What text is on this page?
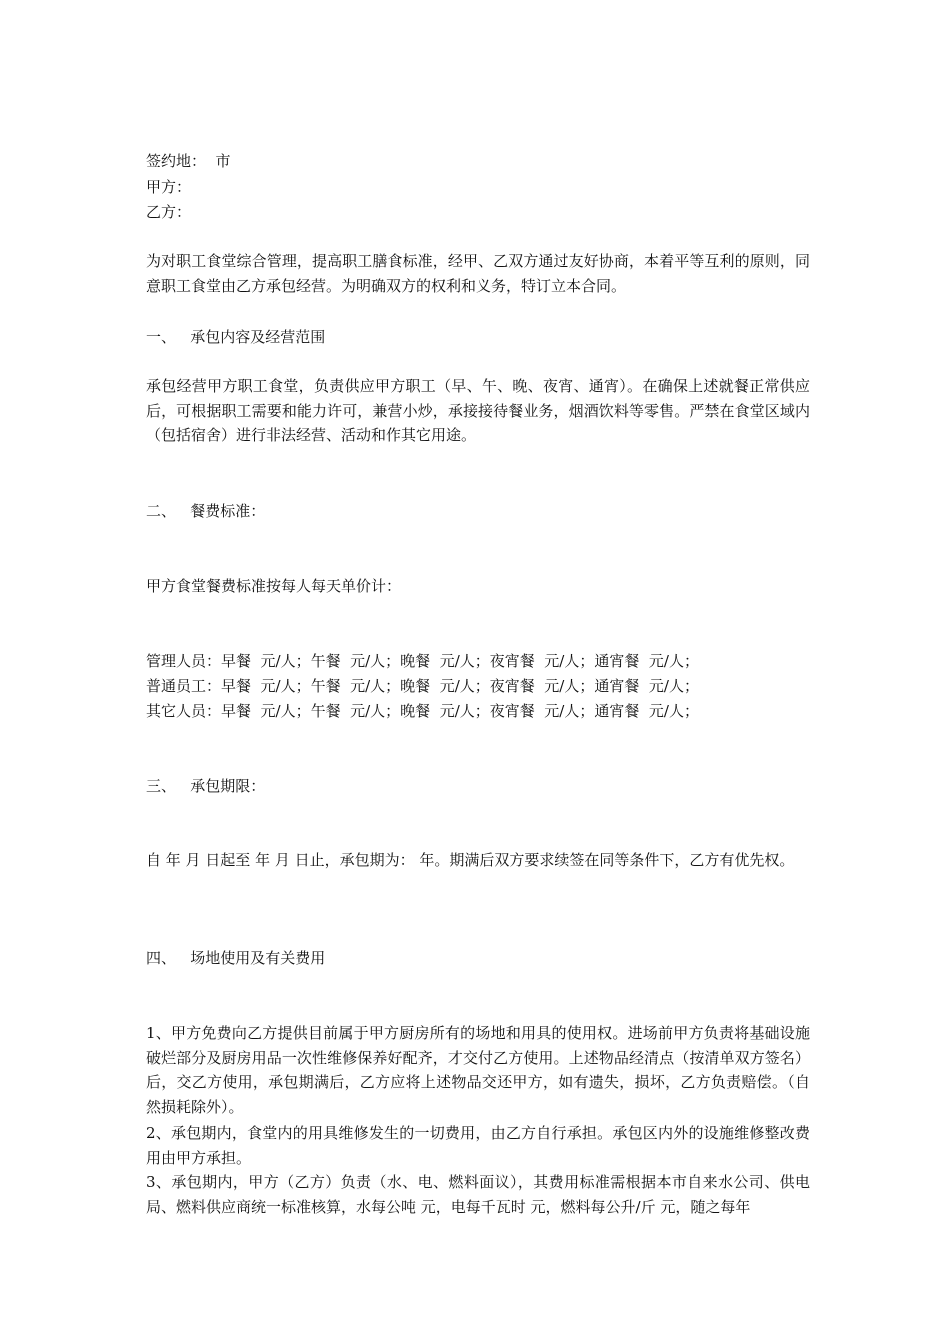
签约地：  市
甲方：
乙方：
为对职工食堂综合管理，提高职工膳食标准，经甲、乙双方通过友好协商，本着平等互利的原则，同意职工食堂由乙方承包经营。为明确双方的权利和义务，特订立本合同。
一、   承包内容及经营范围
承包经营甲方职工食堂，负责供应甲方职工（早、午、晚、夜宵、通宵）。在确保上述就餐正常供应后，可根据职工需要和能力许可，兼营小炒，承接接待餐业务，烟酒饮料等零售。严禁在食堂区域内（包括宿舍）进行非法经营、活动和作其它用途。
二、   餐费标准：
甲方食堂餐费标准按每人每天单价计：
管理人员：早餐  元/人；午餐  元/人；晚餐  元/人；夜宵餐  元/人；通宵餐  元/人；
普通员工：早餐  元/人；午餐  元/人；晚餐  元/人；夜宵餐  元/人；通宵餐  元/人；
其它人员：早餐  元/人；午餐  元/人；晚餐  元/人；夜宵餐  元/人；通宵餐  元/人；
三、   承包期限：
自 年 月 日起至 年 月 日止，承包期为： 年。期满后双方要求续签在同等条件下，乙方有优先权。
四、   场地使用及有关费用
1、甲方免费向乙方提供目前属于甲方厨房所有的场地和用具的使用权。进场前甲方负责将基础设施破烂部分及厨房用品一次性维修保养好配齐，才交付乙方使用。上述物品经清点（按清单双方签名）后，交乙方使用，承包期满后，乙方应将上述物品交还甲方，如有遗失，损坏，乙方负责赔偿。（自然损耗除外）。
2、承包期内，食堂内的用具维修发生的一切费用，由乙方自行承担。承包区内外的设施维修整改费用由甲方承担。
3、承包期内，甲方（乙方）负责（水、电、燃料面议），其费用标准需根据本市自来水公司、供电局、燃料供应商统一标准核算，水每公吨 元，电每千瓦时 元，燃料每公升/斤 元，随之每年
